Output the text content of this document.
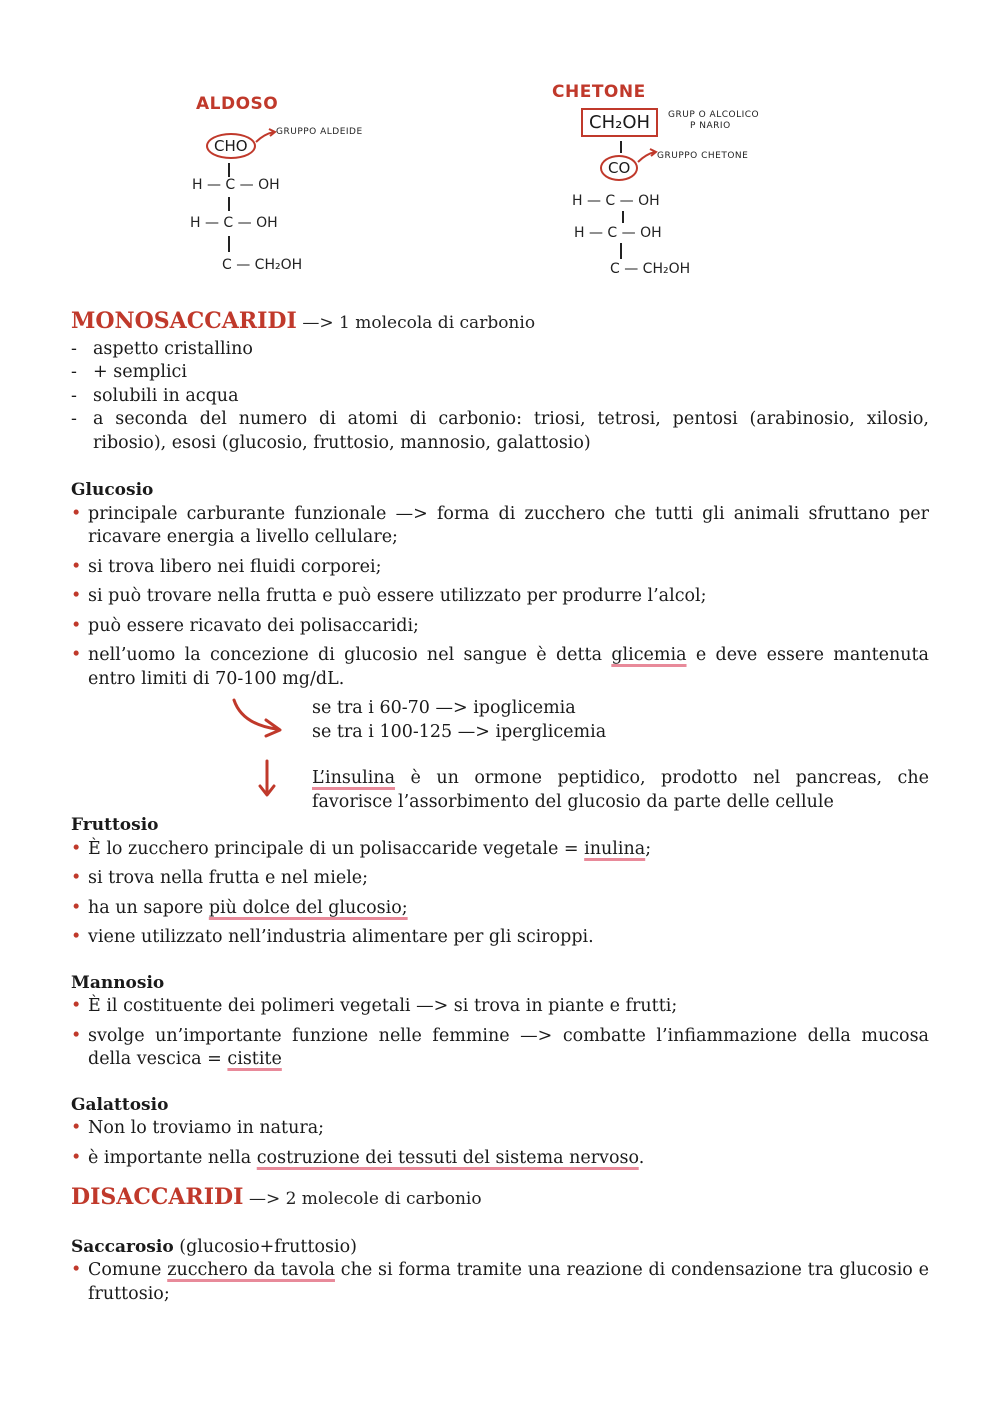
ALDOSO
CHO
GRUPPO ALDEIDE
H — C — OH
H — C — OH
C — CH₂OH
CHETONE
CH₂OH	GRUP O ALCOLICO
P NARIO
CO
GRUPPO CHETONE
H — C — OH
H — C — OH
C — CH₂OH
MONOSACCARIDI —> 1 molecola di carbonio
- aspetto cristallino
- + semplici
- solubili in acqua
- a seconda del numero di atomi di carbonio: triosi, tetrosi, pentosi (arabinosio, xilosio, ribosio), esosi (glucosio, fruttosio, mannosio, galattosio)
Glucosio
• principale carburante funzionale —> forma di zucchero che tutti gli animali sfruttano per ricavare energia a livello cellulare;
• si trova libero nei fluidi corporei;
• si può trovare nella frutta e può essere utilizzato per produrre l’alcol;
• può essere ricavato dei polisaccaridi;
• nell’uomo la concezione di glucosio nel sangue è detta glicemia e deve essere mantenuta entro limiti di 70-100 mg/dL.
se tra i 60-70 —> ipoglicemia
se tra i 100-125 —> iperglicemia
L’insulina è un ormone peptidico, prodotto nel pancreas, che favorisce l’assorbimento del glucosio da parte delle cellule
Fruttosio
• È lo zucchero principale di un polisaccaride vegetale = inulina;
• si trova nella frutta e nel miele;
• ha un sapore più dolce del glucosio;
• viene utilizzato nell’industria alimentare per gli sciroppi.
Mannosio
• È il costituente dei polimeri vegetali —> si trova in piante e frutti;
• svolge un’importante funzione nelle femmine —> combatte l’infiammazione della mucosa della vescica = cistite
Galattosio
• Non lo troviamo in natura;
• è importante nella costruzione dei tessuti del sistema nervoso.
DISACCARIDI —> 2 molecole di carbonio
Saccarosio (glucosio+fruttosio)
• Comune zucchero da tavola che si forma tramite una reazione di condensazione tra glucosio e fruttosio;
